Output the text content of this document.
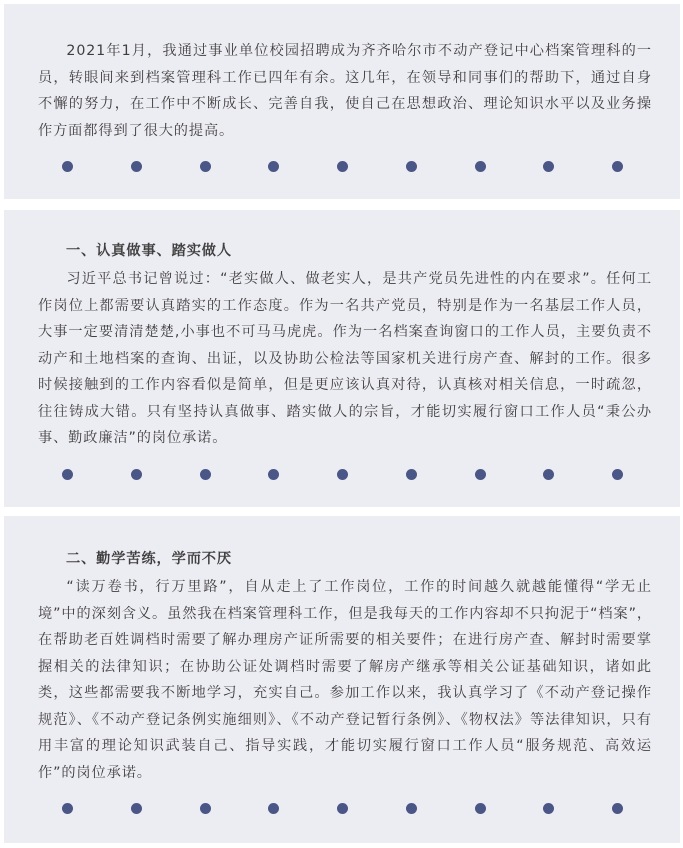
2021年1月，我通过事业单位校园招聘成为齐齐哈尔市不动产登记中心档案管理科的一员，转眼间来到档案管理科工作已四年有余。这几年，在领导和同事们的帮助下，通过自身不懈的努力，在工作中不断成长、完善自我，使自己在思想政治、理论知识水平以及业务操作方面都得到了很大的提高。

一、认真做事、踏实做人

习近平总书记曾说过：“老实做人、做老实人，是共产党员先进性的内在要求”。任何工作岗位上都需要认真踏实的工作态度。作为一名共产党员，特别是作为一名基层工作人员，大事一定要清清楚楚,小事也不可马马虎虎。作为一名档案查询窗口的工作人员，主要负责不动产和土地档案的查询、出证，以及协助公检法等国家机关进行房产查、解封的工作。很多时候接触到的工作内容看似是简单，但是更应该认真对待，认真核对相关信息，一时疏忽，往往铸成大错。只有坚持认真做事、踏实做人的宗旨，才能切实履行窗口工作人员“秉公办事、勤政廉洁”的岗位承诺。

二、勤学苦练，学而不厌

“读万卷书，行万里路”，自从走上了工作岗位，工作的时间越久就越能懂得“学无止境”中的深刻含义。虽然我在档案管理科工作，但是我每天的工作内容却不只拘泥于“档案”，在帮助老百姓调档时需要了解办理房产证所需要的相关要件；在进行房产查、解封时需要掌握相关的法律知识；在协助公证处调档时需要了解房产继承等相关公证基础知识，诸如此类，这些都需要我不断地学习，充实自己。参加工作以来，我认真学习了《不动产登记操作规范》、《不动产登记条例实施细则》、《不动产登记暂行条例》、《物权法》等法律知识，只有用丰富的理论知识武装自己、指导实践，才能切实履行窗口工作人员“服务规范、高效运作”的岗位承诺。
